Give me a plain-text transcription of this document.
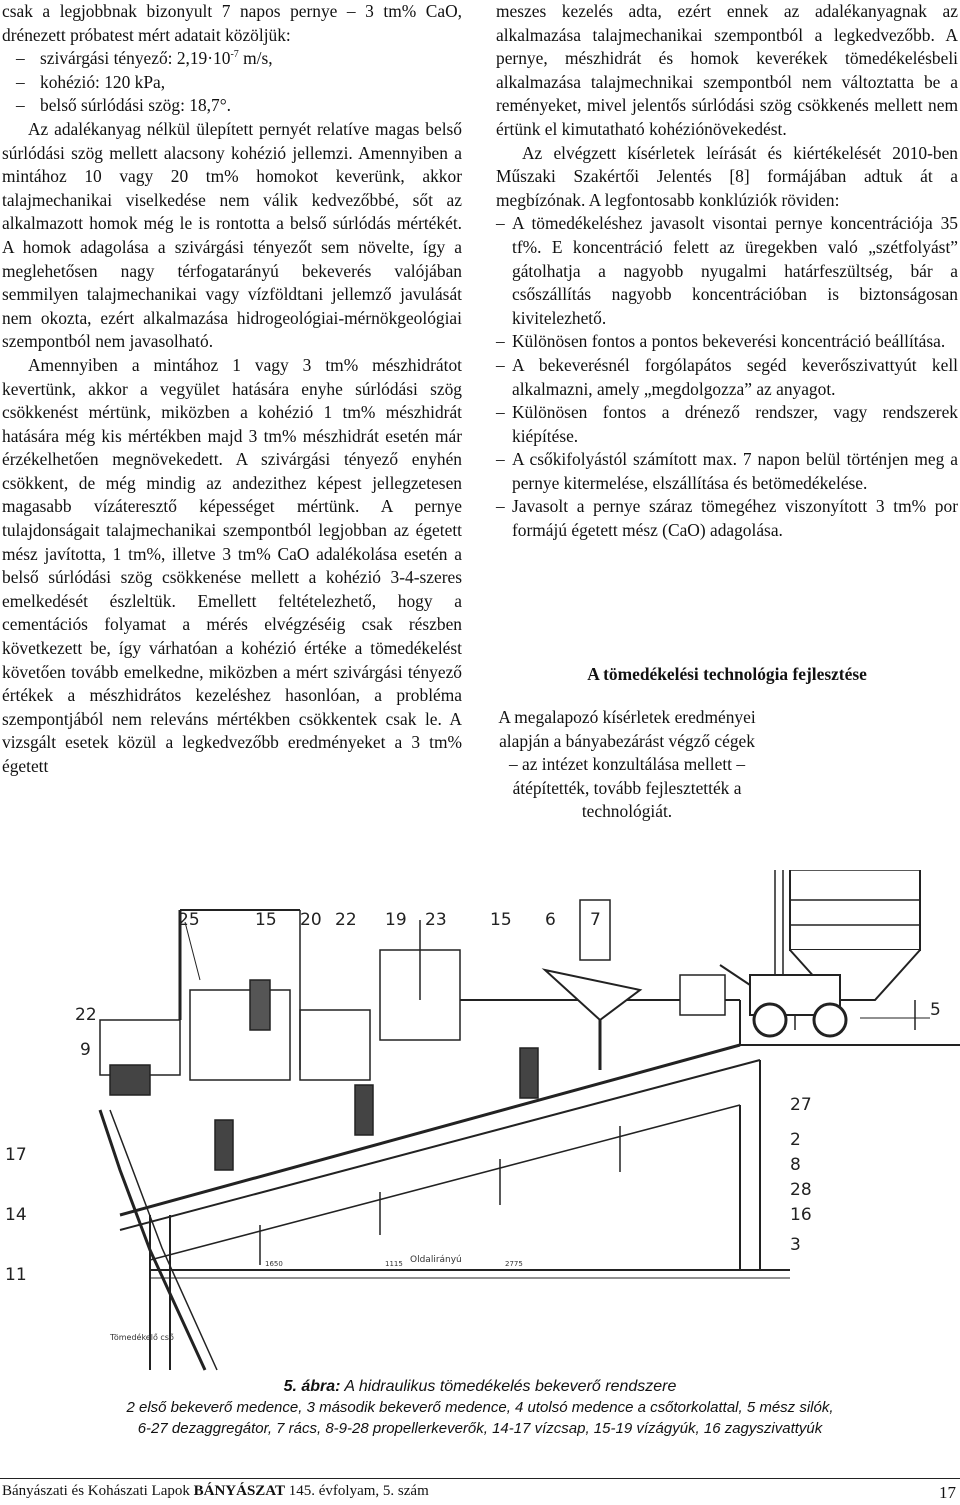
csak a legjobbnak bizonyult 7 napos pernye – 3 tm% CaO, drénezett próbatest mért adatait közöljük:

– szivárgási tényező: $2,19\cdot 10^{-7}$ m/s,

– kohézió: 120 kPa,

– belső súrlódási szög: 18,7°.

Az adalékanyag nélkül ülepített pernyét relatíve magas belső súrlódási szög mellett alacsony kohézió jellemzi. Amennyiben a mintához 10 vagy 20 tm% homokot keverünk, akkor talajmechanikai viselkedése nem válik kedvezőbbé, sőt az alkalmazott homok még le is rontotta a belső súrlódás mértékét. A homok adagolása a szivárgási tényezőt sem növelte, így a meglehetősen nagy térfogatarányú bekeverés valójában semmilyen talajmechanikai vagy vízföldtani jellemző javulását nem okozta, ezért alkalmazása hidrogeológiai-mérnökgeológiai szempontból nem javasolható.

Amennyiben a mintához 1 vagy 3 tm% mészhidrátot kevertünk, akkor a vegyület hatására enyhe súrlódási szög csökkenést mértünk, miközben a kohézió 1 tm% mészhidrát hatására még kis mértékben majd 3 tm% mészhidrát esetén már érzékelhetően megnövekedett. A szivárgási tényező enyhén csökkent, de még mindig az andezithez képest jellegzetesen magasabb vízáteresztő képességet mértünk. A pernye tulajdonságait talajmechanikai szempontból legjobban az égetett mész javította, 1 tm%, illetve 3 tm% CaO adalékolása esetén a belső súrlódási szög csökkenése mellett a kohézió 3-4-szeres emelkedését észleltük. Emellett feltételezhető, hogy a cementációs folyamat a mérés elvégzéséig csak részben következett be, így várhatóan a kohézió értéke a tömedékelést követően tovább emelkedne, miközben a mért szivárgási tényező értékek a mészhidrátos kezeléshez hasonlóan, a probléma szempontjából nem releváns mértékben csökkentek csak le. A vizsgált esetek közül a legkedvezőbb eredményeket a 3 tm% égetett

meszes kezelés adta, ezért ennek az adalékanyagnak az alkalmazása talajmechanikai szempontból a legkedvezőbb. A pernye, mészhidrát és homok keverékek tömedékelésbeli alkalmazása talajmechnikai szempontból nem változtatta be a reményeket, mivel jelentős súrlódási szög csökkenés mellett nem értünk el kimutatható kohéziónövekedést.

Az elvégzett kísérletek leírását és kiértékelését 2010-ben Műszaki Szakértői Jelentés [8] formájában adtuk át a megbízónak. A legfontosabb konklúziók röviden:

– A tömedékeléshez javasolt visontai pernye koncentrációja 35 tf%. E koncentráció felett az üregekben való „szétfolyást” gátolhatja a nagyobb nyugalmi határfeszültség, bár a csőszállítás nagyobb koncentrációban is biztonságosan kivitelezhető.

– Különösen fontos a pontos bekeverési koncentráció beállítása.

– A bekeverésnél forgólapátos segéd keverőszivattyút kell alkalmazni, amely „megdolgozza” az anyagot.

– Különösen fontos a drénező rendszer, vagy rendszerek kiépítése.

– A csőkifolyástól számított max. 7 napon belül történjen meg a pernye kitermelése, elszállítása és betömedékelése.

– Javasolt a pernye száraz tömegéhez viszonyított 3 tm% por formájú égetett mész (CaO) adagolása.

A tömedékelési technológia fejlesztése
A megalapozó kísérletek eredményei alapján a bányabezárást végző cégek – az intézet konzultálása mellett – átépítették, tovább fejlesztették a technológiát.
25	15 20 22 19 23	15 6 7
22
9
17
14
11
5
27
2
8
28
16
3
Oldalirányú
Tömedékelő cső
1650	1115	2775
5. ábra: A hidraulikus tömedékelés bekeverő rendszere
2 első bekeverő medence, 3 második bekeverő medence, 4 utolsó medence a csőtorkolattal, 5 mész silók,
6-27 dezaggregátor, 7 rács, 8-9-28 propellerkeverők, 14-17 vízcsap, 15-19 vízágyúk, 16 zagyszivattyúk
Bányászati és Kohászati Lapok BÁNYÁSZAT 145. évfolyam, 5. szám	17
